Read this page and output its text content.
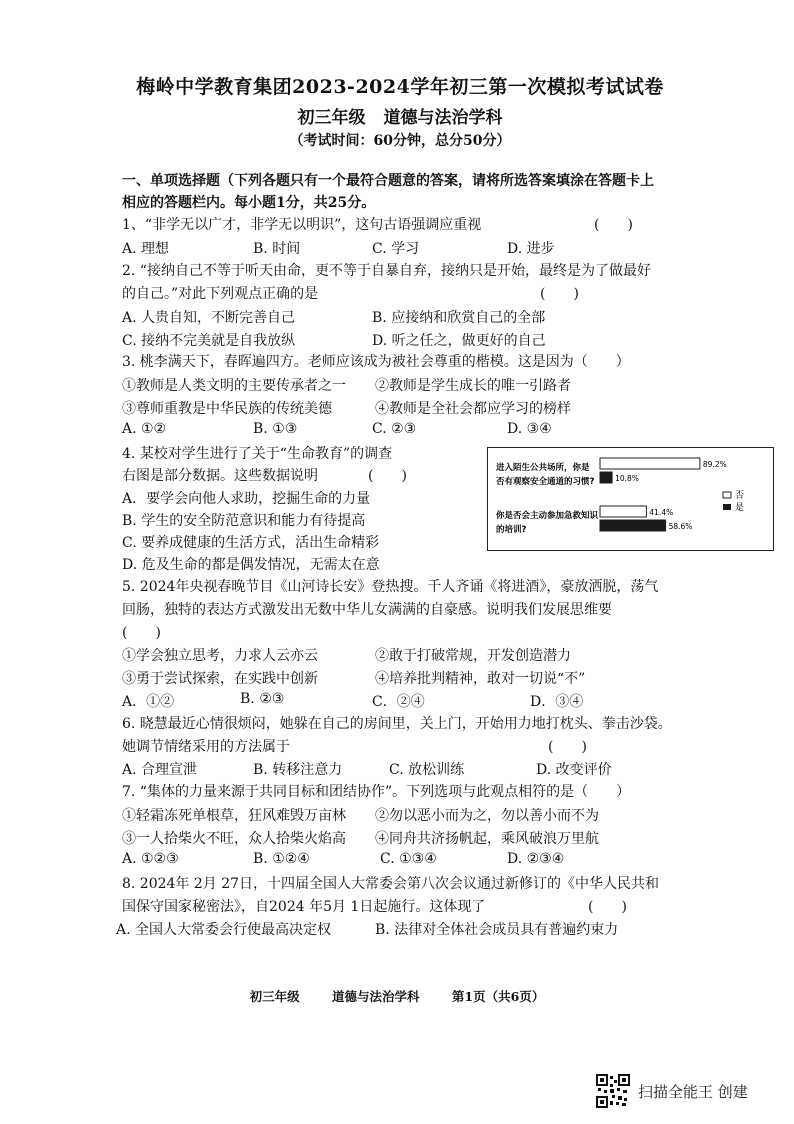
梅岭中学教育集团2023-2024学年初三第一次模拟考试试卷
初三年级 道德与法治学科
（考试时间：60分钟，总分50分）
一、单项选择题（下列各题只有一个最符合题意的答案，请将所选答案填涂在答题卡上
相应的答题栏内。每小题1分，共25分。
1、“非学无以广才，非学无以明识”，这句古语强调应重视	(　　)
A. 理想	B. 时间	C. 学习	D. 进步
2. “接纳自己不等于听天由命，更不等于自暴自弃，接纳只是开始，最终是为了做最好
的自己。”对此下列观点正确的是	(　　)
A. 人贵自知，不断完善自己	B. 应接纳和欣赏自己的全部
C. 接纳不完美就是自我放纵	D. 听之任之，做更好的自己
3. 桃李满天下，春晖遍四方。老师应该成为被社会尊重的楷模。这是因为（　　）
①教师是人类文明的主要传承者之一 ②教师是学生成长的唯一引路者
③尊师重教是中华民族的传统美德	④教师是全社会都应学习的榜样
A. ①②	B. ①③	C. ②③	D. ③④
4. 某校对学生进行了关于“生命教育”的调查
右图是部分数据。这些数据说明	(　　)
A．要学会向他人求助，挖掘生命的力量
B. 学生的安全防范意识和能力有待提高
C. 要养成健康的生活方式，活出生命精彩
D. 危及生命的都是偶发情况，无需太在意
进入陌生公共场所，你是
否有观察安全通道的习惯?
你是否会主动参加急救知识
的培训?
89.2%
10.8%
41.4%
58.6%
否
是
5. 2024年央视春晚节目《山河诗长安》登热搜。千人齐诵《将进酒》，豪放洒脱，荡气
回肠，独特的表达方式激发出无数中华儿女满满的自豪感。说明我们发展思维要
(　　)
①学会独立思考，力求人云亦云	②敢于打破常规，开发创造潜力
③勇于尝试探索，在实践中创新	④培养批判精神，敢对一切说“不”
A．①②	B. ②③	C．②④	D．③④
6. 晓慧最近心情很烦闷，她躲在自己的房间里，关上门，开始用力地打枕头、拳击沙袋。
她调节情绪采用的方法属于	(　　)
A. 合理宣泄	B. 转移注意力	C. 放松训练	D. 改变评价
7. “集体的力量来源于共同目标和团结协作”。下列选项与此观点相符的是（　　）
①轻霜冻死单根草，狂风难毁万亩林 ②勿以恶小而为之，勿以善小而不为
③一人拾柴火不旺，众人拾柴火焰高 ④同舟共济扬帆起，乘风破浪万里航
A. ①②③	B. ①②④	C. ①③④	D. ②③④
8. 2024年 2月 27日，十四届全国人大常委会第八次会议通过新修订的《中华人民共和
国保守国家秘密法》，自2024 年5月 1日起施行。这体现了	(　　)
A. 全国人大常委会行使最高决定权	B. 法律对全体社会成员具有普遍约束力
初三年级	道德与法治学科	第1页（共6页）
扫描全能王 创建
